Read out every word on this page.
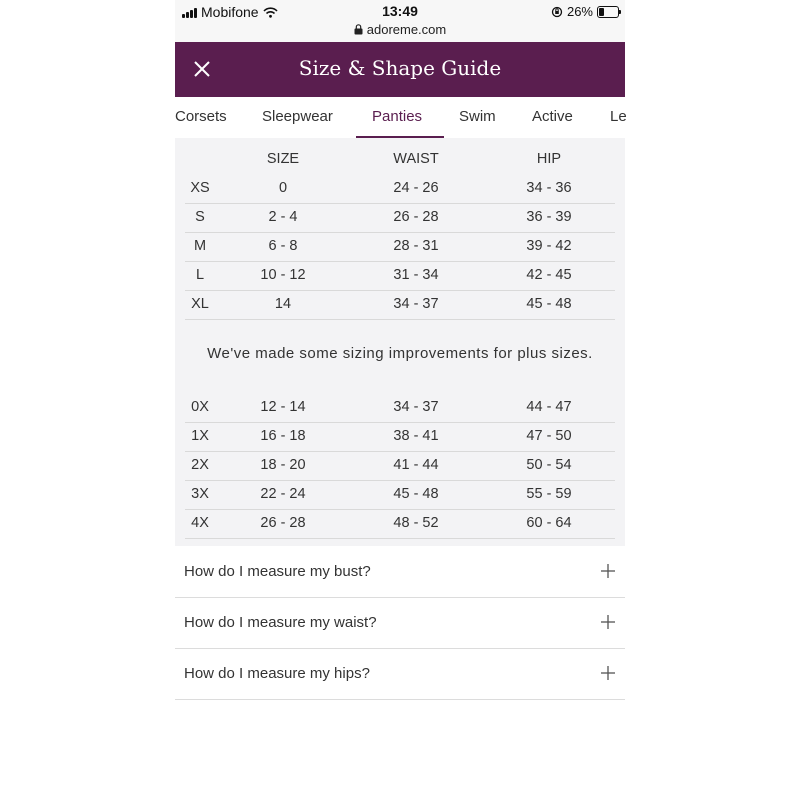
Mobifone	13:49	26%
adoreme.com
Size & Shape Guide
Corsets Sleepwear	Panties Swim Active Le
SIZE	WAIST	HIP
XS	0	24 - 26	34 - 36
S	2 - 4	26 - 28	36 - 39
M	6 - 8	28 - 31	39 - 42
L	10 - 12	31 - 34	42 - 45
XL	14	34 - 37	45 - 48
We've made some sizing improvements for plus sizes.
0X	12 - 14	34 - 37	44 - 47
1X	16 - 18	38 - 41	47 - 50
2X	18 - 20	41 - 44	50 - 54
3X	22 - 24	45 - 48	55 - 59
4X	26 - 28	48 - 52	60 - 64
How do I measure my bust?
How do I measure my waist?
How do I measure my hips?
